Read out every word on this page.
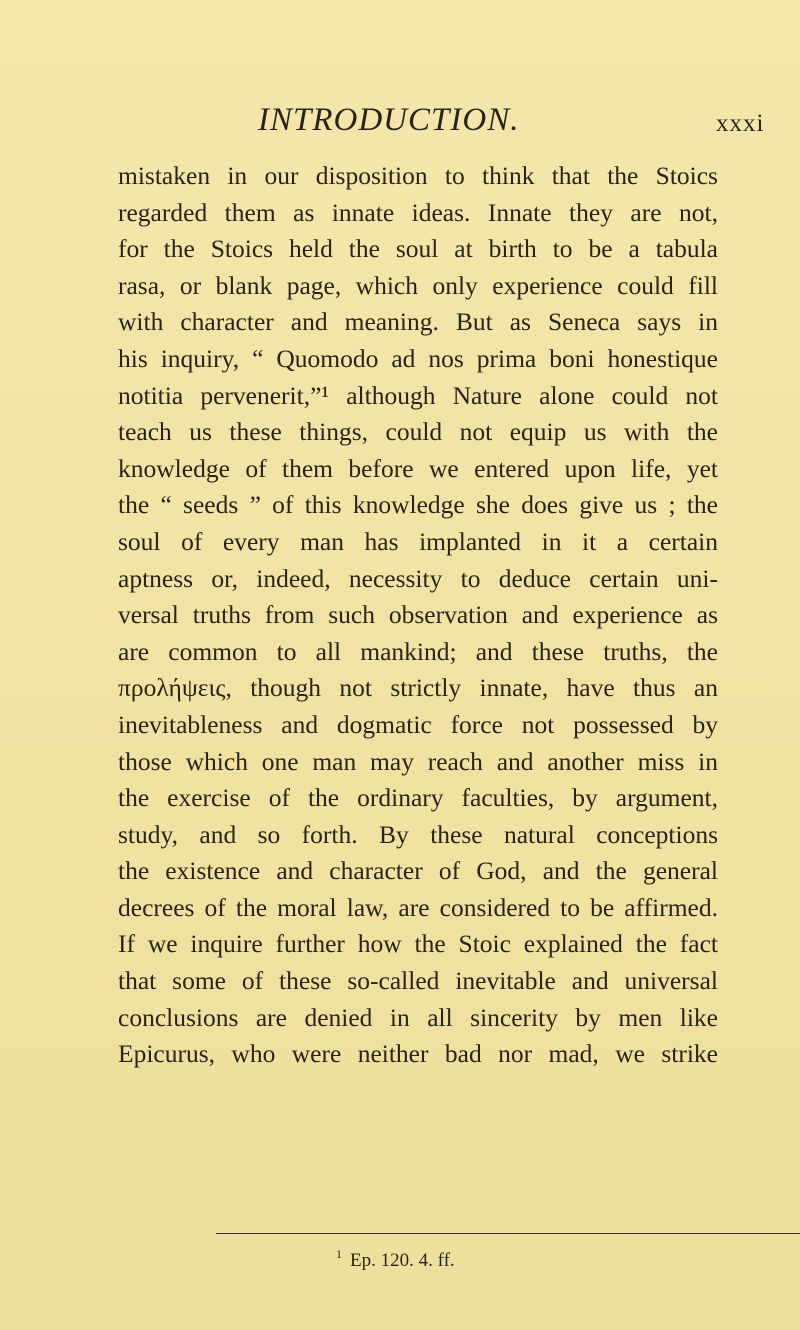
INTRODUCTION.	xxxi
mistaken in our disposition to think that the Stoics
regarded them as innate ideas. Innate they are not,
for the Stoics held the soul at birth to be a tabula
rasa, or blank page, which only experience could fill
with character and meaning. But as Seneca says in
his inquiry, “ Quomodo ad nos prima boni honestique
notitia pervenerit,”¹ although Nature alone could not
teach us these things, could not equip us with the
knowledge of them before we entered upon life, yet
the “ seeds ” of this knowledge she does give us ; the
soul of every man has implanted in it a certain
aptness or, indeed, necessity to deduce certain uni-
versal truths from such observation and experience as
are common to all mankind; and these truths, the
προλήψεις, though not strictly innate, have thus an
inevitableness and dogmatic force not possessed by
those which one man may reach and another miss in
the exercise of the ordinary faculties, by argument,
study, and so forth. By these natural conceptions
the existence and character of God, and the general
decrees of the moral law, are considered to be affirmed.
If we inquire further how the Stoic explained the fact
that some of these so-called inevitable and universal
conclusions are denied in all sincerity by men like
Epicurus, who were neither bad nor mad, we strike
$^1$ Ep. 120. 4. ff.
